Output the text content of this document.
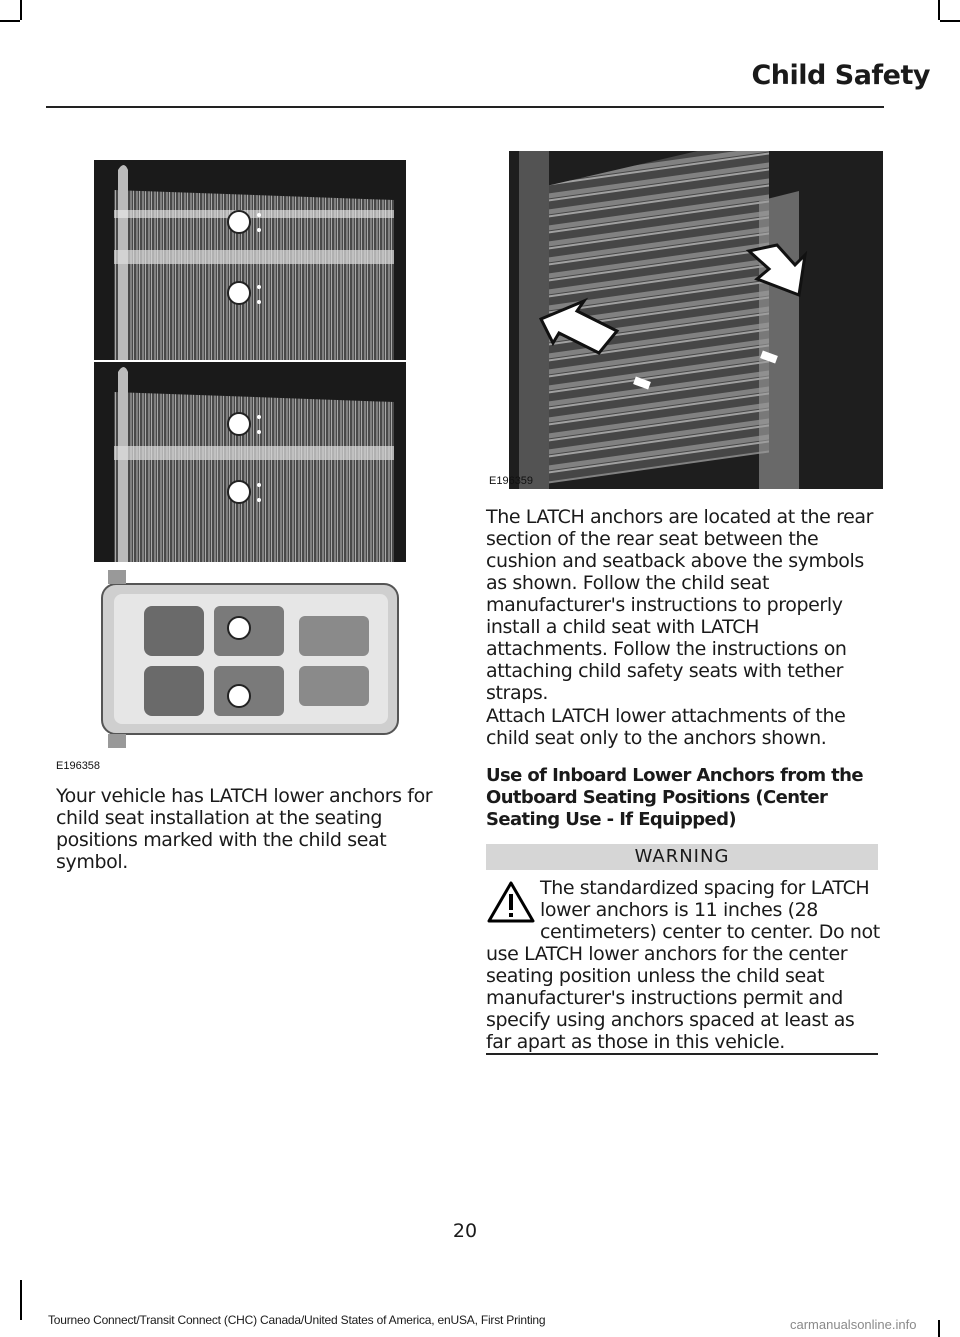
Child Safety
E196358
E196359
Your vehicle has LATCH lower anchors for child seat installation at the seating positions marked with the child seat symbol.
The LATCH anchors are located at the rear section of the rear seat between the cushion and seatback above the symbols as shown. Follow the child seat manufacturer's instructions to properly install a child seat with LATCH attachments. Follow the instructions on attaching child safety seats with tether straps.
Attach LATCH lower attachments of the child seat only to the anchors shown.
Use of Inboard Lower Anchors from the Outboard Seating Positions (Center Seating Use - If Equipped)
WARNING
The standardized spacing for LATCH lower anchors is 11 inches (28 centimeters) center to center. Do not use LATCH lower anchors for the center seating position unless the child seat manufacturer's instructions permit and specify using anchors spaced at least as far apart as those in this vehicle.
20
Tourneo Connect/Transit Connect (CHC) Canada/United States of America, enUSA, First Printing	carmanualsonline.info
